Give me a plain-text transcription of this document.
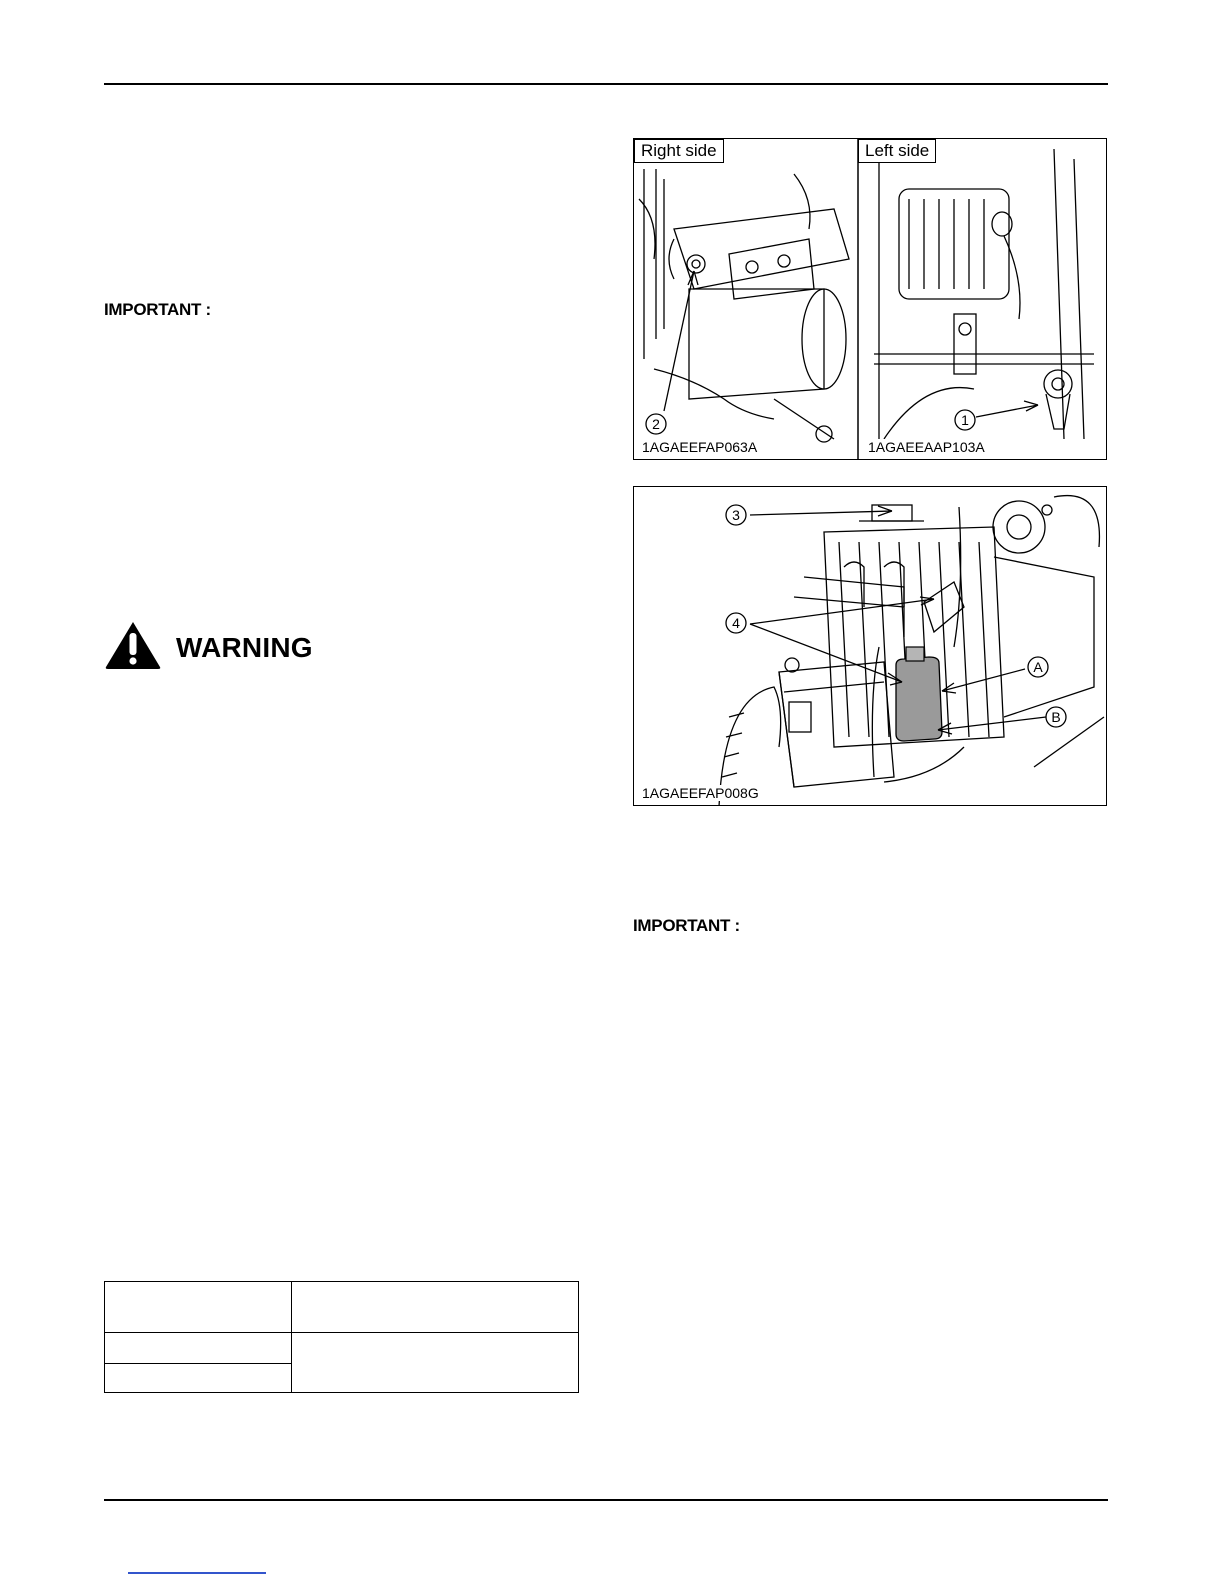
IMPORTANT :
WARNING
Right side	Left side
1AGAEEFAP063A	1AGAEEAAP103A
2	1
3
4
A
B
1AGAEEFAP008G
IMPORTANT :
